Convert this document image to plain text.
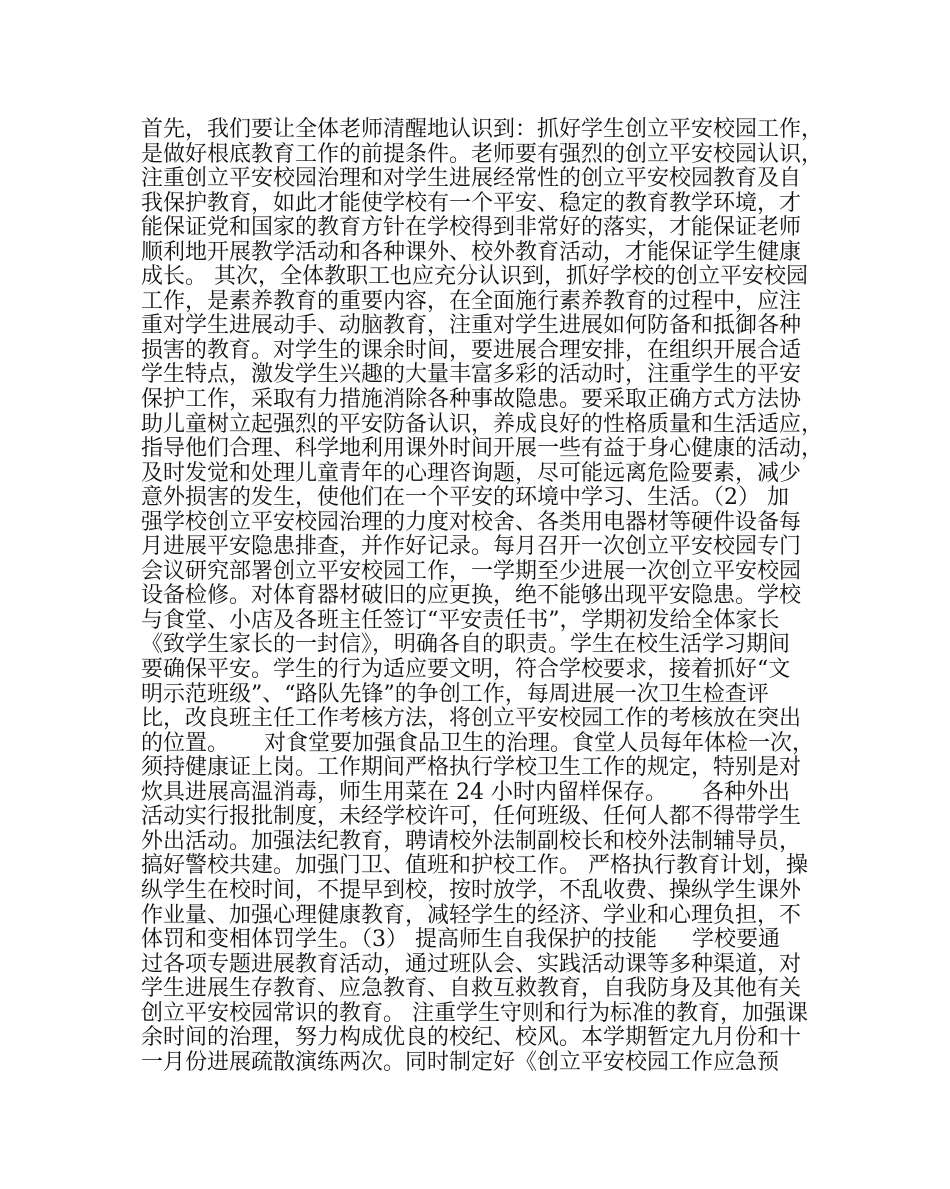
首先，我们要让全体老师清醒地认识到：抓好学生创立平安校园工作，
是做好根底教育工作的前提条件。老师要有强烈的创立平安校园认识，
注重创立平安校园治理和对学生进展经常性的创立平安校园教育及自
我保护教育，如此才能使学校有一个平安、稳定的教育教学环境，才
能保证党和国家的教育方针在学校得到非常好的落实，才能保证老师
顺利地开展教学活动和各种课外、校外教育活动，才能保证学生健康
成长。 其次，全体教职工也应充分认识到，抓好学校的创立平安校园
工作，是素养教育的重要内容，在全面施行素养教育的过程中，应注
重对学生进展动手、动脑教育，注重对学生进展如何防备和抵御各种
损害的教育。对学生的课余时间，要进展合理安排，在组织开展合适
学生特点，激发学生兴趣的大量丰富多彩的活动时，注重学生的平安
保护工作，采取有力措施消除各种事故隐患。要采取正确方式方法协
助儿童树立起强烈的平安防备认识，养成良好的性格质量和生活适应，
指导他们合理、科学地利用课外时间开展一些有益于身心健康的活动，
及时发觉和处理儿童青年的心理咨询题，尽可能远离危险要素，减少
意外损害的发生，使他们在一个平安的环境中学习、生活。（2） 加
强学校创立平安校园治理的力度对校舍、各类用电器材等硬件设备每
月进展平安隐患排查，并作好记录。每月召开一次创立平安校园专门
会议研究部署创立平安校园工作，一学期至少进展一次创立平安校园
设备检修。对体育器材破旧的应更换，绝不能够出现平安隐患。学校
与食堂、小店及各班主任签订“平安责任书”，学期初发给全体家长
《致学生家长的一封信》，明确各自的职责。学生在校生活学习期间
要确保平安。学生的行为适应要文明，符合学校要求，接着抓好“文
明示范班级”、“路队先锋”的争创工作，每周进展一次卫生检查评
比，改良班主任工作考核方法，将创立平安校园工作的考核放在突出
的位置。     对食堂要加强食品卫生的治理。食堂人员每年体检一次，
须持健康证上岗。工作期间严格执行学校卫生工作的规定，特别是对
炊具进展高温消毒，师生用菜在 24 小时内留样保存。     各种外出
活动实行报批制度，未经学校许可，任何班级、任何人都不得带学生
外出活动。加强法纪教育，聘请校外法制副校长和校外法制辅导员，
搞好警校共建。加强门卫、值班和护校工作。 严格执行教育计划，操
纵学生在校时间，不提早到校，按时放学，不乱收费、操纵学生课外
作业量、加强心理健康教育，减轻学生的经济、学业和心理负担，不
体罚和变相体罚学生。（3） 提高师生自我保护的技能     学校要通
过各项专题进展教育活动，通过班队会、实践活动课等多种渠道，对
学生进展生存教育、应急教育、自救互救教育，自我防身及其他有关
创立平安校园常识的教育。 注重学生守则和行为标准的教育，加强课
余时间的治理，努力构成优良的校纪、校风。本学期暂定九月份和十
一月份进展疏散演练两次。同时制定好《创立平安校园工作应急预
